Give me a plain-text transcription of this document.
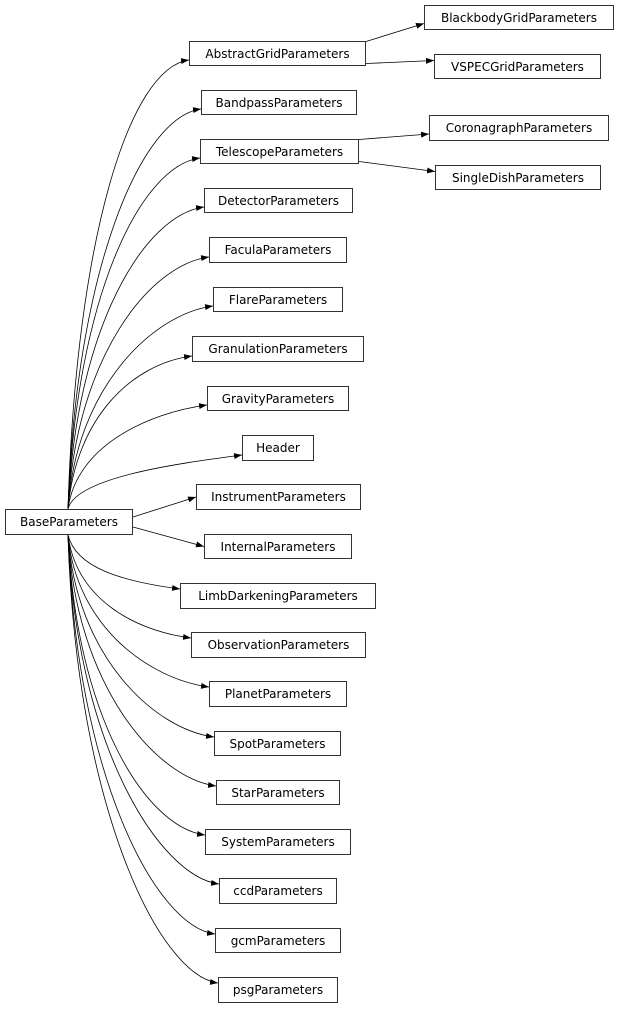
BlackbodyGridParameters
AbstractGridParameters
VSPECGridParameters
BandpassParameters
CoronagraphParameters
TelescopeParameters
SingleDishParameters
DetectorParameters
FaculaParameters
FlareParameters
GranulationParameters
GravityParameters
Header
InstrumentParameters
BaseParameters
InternalParameters
LimbDarkeningParameters
ObservationParameters
PlanetParameters
SpotParameters
StarParameters
SystemParameters
ccdParameters
gcmParameters
psgParameters
